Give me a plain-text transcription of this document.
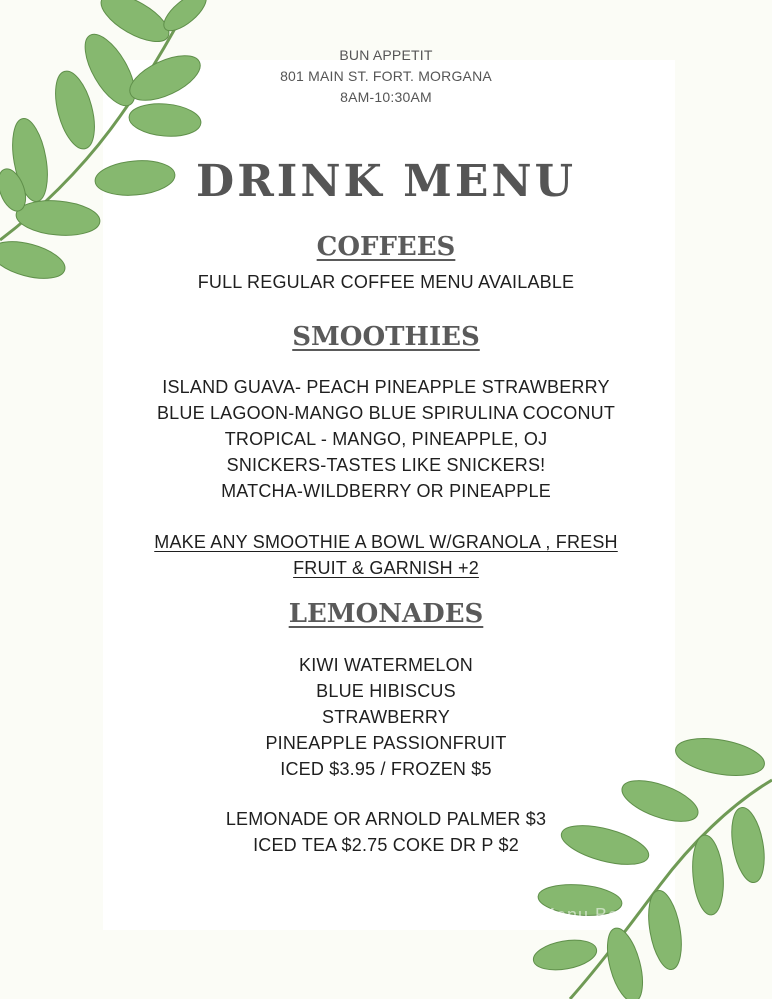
BUN APPETIT
801 MAIN ST. FORT. MORGANA
8AM-10:30AM
DRINK MENU
COFFEES
FULL REGULAR COFFEE MENU AVAILABLE
SMOOTHIES
ISLAND GUAVA- PEACH PINEAPPLE STRAWBERRY
BLUE LAGOON-MANGO BLUE SPIRULINA COCONUT
TROPICAL - MANGO, PINEAPPLE, OJ
SNICKERS-TASTES LIKE SNICKERS!
MATCHA-WILDBERRY OR PINEAPPLE
MAKE ANY SMOOTHIE A BOWL W/GRANOLA , FRESH
FRUIT & GARNISH +2
LEMONADES
KIWI WATERMELON
BLUE HIBISCUS
STRAWBERRY
PINEAPPLE PASSIONFRUIT
ICED $3.95 / FROZEN $5
LEMONADE OR ARNOLD PALMER $3
ICED TEA $2.75 COKE DR P $2
Menu Box
